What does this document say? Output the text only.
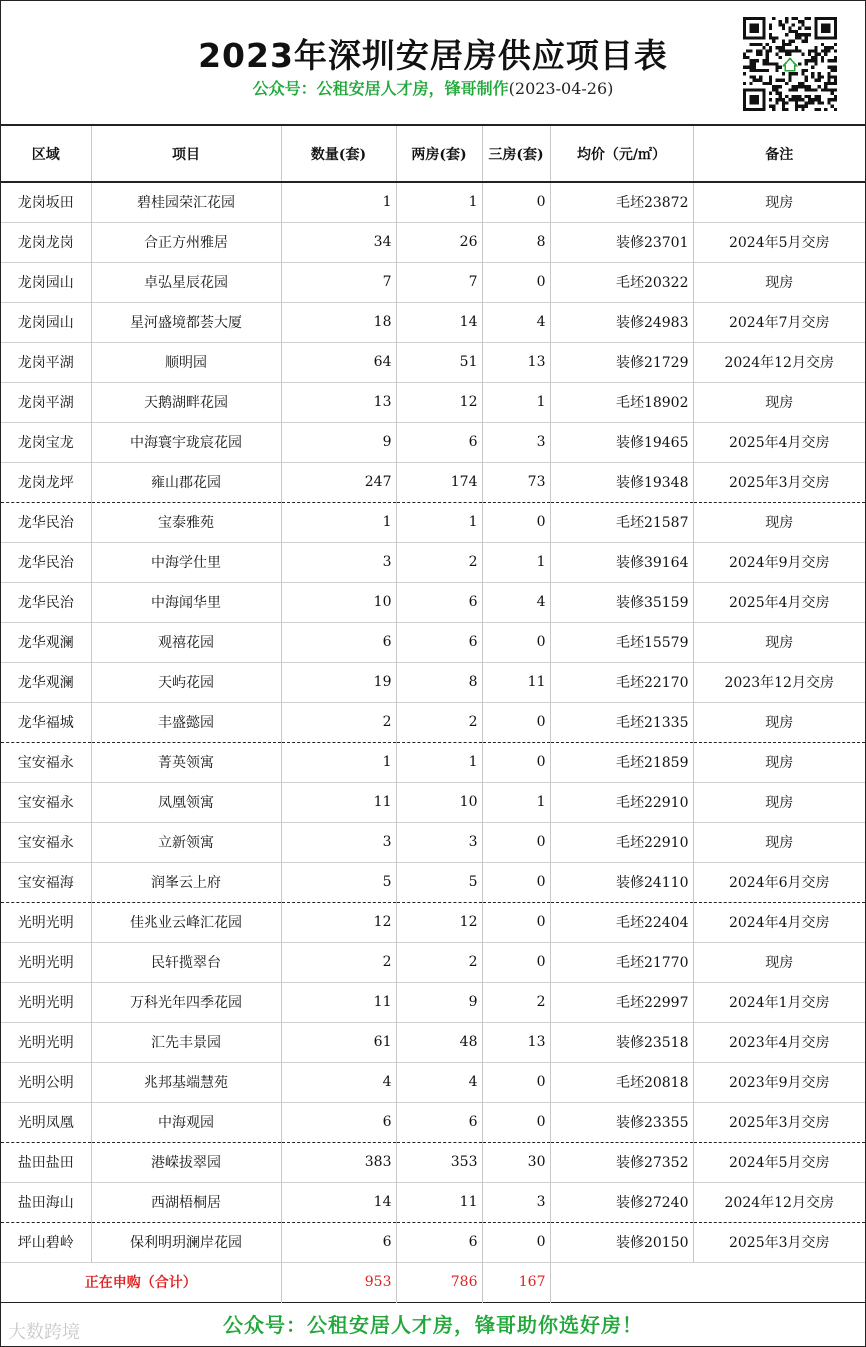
2023年深圳安居房供应项目表
公众号：公租安居人才房，锋哥制作(2023-04-26)
区域	项目	数量(套)	两房(套)	三房(套)	均价（元/㎡）	备注
龙岗坂田	碧桂园荣汇花园	1	1	0	毛坯23872	现房
龙岗龙岗	合正方州雅居	34	26	8	装修23701	2024年5月交房
龙岗园山	卓弘星辰花园	7	7	0	毛坯20322	现房
龙岗园山	星河盛境都荟大厦	18	14	4	装修24983	2024年7月交房
龙岗平湖	顺明园	64	51	13	装修21729	2024年12月交房
龙岗平湖	天鹅湖畔花园	13	12	1	毛坯18902	现房
龙岗宝龙	中海寰宇珑宸花园	9	6	3	装修19465	2025年4月交房
龙岗龙坪	雍山郡花园	247	174	73	装修19348	2025年3月交房
龙华民治	宝泰雅苑	1	1	0	毛坯21587	现房
龙华民治	中海学仕里	3	2	1	装修39164	2024年9月交房
龙华民治	中海闻华里	10	6	4	装修35159	2025年4月交房
龙华观澜	观禧花园	6	6	0	毛坯15579	现房
龙华观澜	天屿花园	19	8	11	毛坯22170	2023年12月交房
龙华福城	丰盛懿园	2	2	0	毛坯21335	现房
宝安福永	菁英领寓	1	1	0	毛坯21859	现房
宝安福永	凤凰领寓	11	10	1	毛坯22910	现房
宝安福永	立新领寓	3	3	0	毛坯22910	现房
宝安福海	润峯云上府	5	5	0	装修24110	2024年6月交房
光明光明	佳兆业云峰汇花园	12	12	0	毛坯22404	2024年4月交房
光明光明	民轩揽翠台	2	2	0	毛坯21770	现房
光明光明	万科光年四季花园	11	9	2	毛坯22997	2024年1月交房
光明光明	汇先丰景园	61	48	13	装修23518	2023年4月交房
光明公明	兆邦基端慧苑	4	4	0	毛坯20818	2023年9月交房
光明凤凰	中海观园	6	6	0	装修23355	2025年3月交房
盐田盐田	港嵘拔翠园	383	353	30	装修27352	2024年5月交房
盐田海山	西湖梧桐居	14	11	3	装修27240	2024年12月交房
坪山碧岭	保利明玥澜岸花园	6	6	0	装修20150	2025年3月交房
正在申购（合计）		953	786	167		
公众号：公租安居人才房，锋哥助你选好房！
大数跨境
